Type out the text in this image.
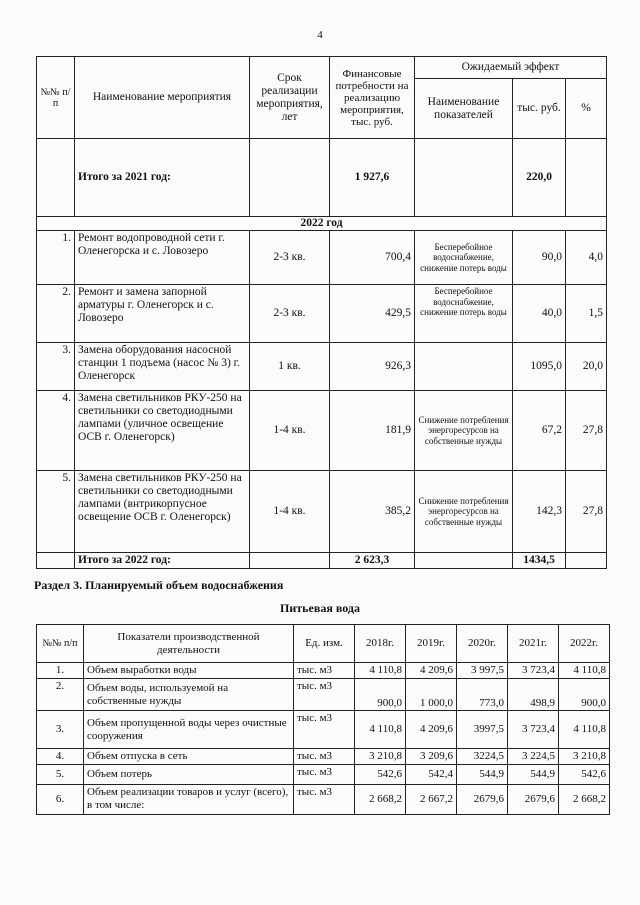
4
№№ п/п	Наименование мероприятия	Срок реализации мероприятия, лет	Финансовые потребности на реализацию мероприятия, тыс. руб.	Ожидаемый эффект		
				Наименование показателей	тыс. руб.	%
	Итого за 2021 год:		1 927,6		220,0	
2022 год						
1.	Ремонт водопроводной сети г. Оленегорска и с. Ловозеро	2-3 кв.	700,4	Бесперебойное водоснабжение, снижение потерь воды	90,0	4,0
2.	Ремонт и замена запорной арматуры г. Оленегорск и с. Ловозеро	2-3 кв.	429,5	Бесперебойное водоснабжение, снижение потерь воды	40,0	1,5
3.	Замена оборудования насосной станции 1 подъема (насос № 3) г. Оленегорск	1 кв.	926,3		1095,0	20,0
4.	Замена светильников РКУ-250 на светильники со светодиодными лампами (уличное освещение ОСВ г. Оленегорск)	1-4 кв.	181,9	Снижение потребления энергоресурсов на собственные нужды	67,2	27,8
5.	Замена светильников РКУ-250 на светильники со светодиодными лампами (внтрикорпусное освещение ОСВ г. Оленегорск)	1-4 кв.	385,2	Снижение потребления энергоресурсов на собственные нужды	142,3	27,8
	Итого за 2022 год:		2 623,3		1434,5	
Раздел 3. Планируемый объем водоснабжения
Питьевая вода
№№ п/п	Показатели производственной деятельности	Ед. изм.	2018г.	2019г.	2020г.	2021г.	2022г.
1.	Объем выработки воды	тыс. м3	4 110,8	4 209,6	3 997,5	3 723,4	4 110,8
2.	Объем воды, используемой на собственные нужды	тыс. м3	900,0	1 000,0	773,0	498,9	900,0
3.	Объем пропущенной воды через очистные сооружения	тыс. м3	4 110,8	4 209,6	3997,5	3 723,4	4 110,8
4.	Объем отпуска в сеть	тыс. м3	3 210,8	3 209,6	3224,5	3 224,5	3 210,8
5.	Объем потерь	тыс. м3	542,6	542,4	544,9	544,9	542,6
6.	Объем реализации товаров и услуг (всего), в том числе:	тыс. м3	2 668,2	2 667,2	2679,6	2679,6	2 668,2
